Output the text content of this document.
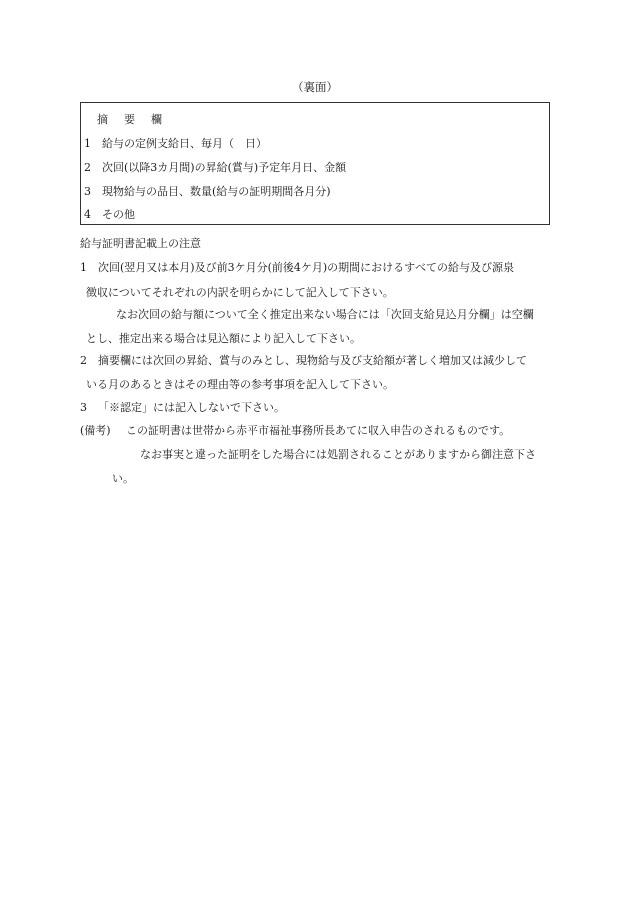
（裏面）
摘 要 欄
1 給与の定例支給日、毎月（　日）
2 次回(以降3カ月間)の昇給(賞与)予定年月日、金額
3 現物給与の品目、数量(給与の証明期間各月分)
4 その他
給与証明書記載上の注意
1 次回(翌月又は本月)及び前3ケ月分(前後4ケ月)の期間におけるすべての給与及び源泉
徴収についてそれぞれの内訳を明らかにして記入して下さい。
なお次回の給与額について全く推定出来ない場合には「次回支給見込月分欄」は空欄
とし、推定出来る場合は見込額により記入して下さい。
2 摘要欄には次回の昇給、賞与のみとし、現物給与及び支給額が著しく増加又は減少して
いる月のあるときはその理由等の参考事項を記入して下さい。
3 「※認定」には記入しないで下さい。
(備考) この証明書は世帯から赤平市福祉事務所長あてに収入申告のされるものです。
なお事実と違った証明をした場合には処罰されることがありますから御注意下さ
い。
